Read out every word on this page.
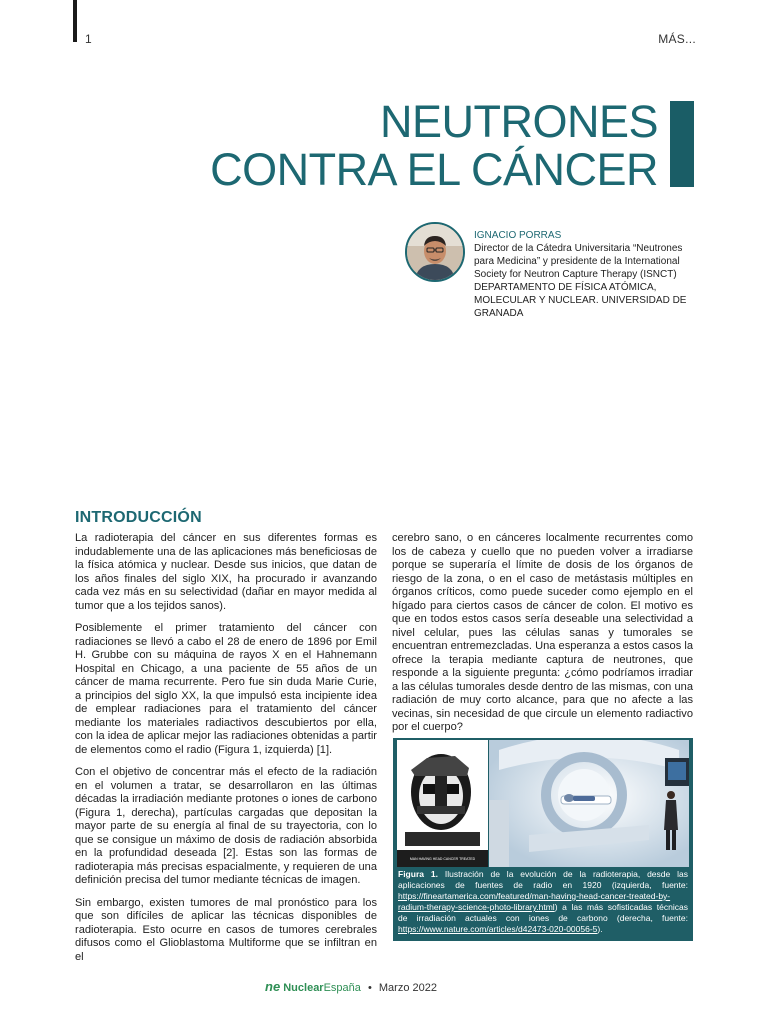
1	MÁS...
NEUTRONES
CONTRA EL CÁNCER
IGNACIO PORRAS
Director de la Cátedra Universitaria “Neutrones para Medicina” y presidente de la International Society for Neutron Capture Therapy (ISNCT)
DEPARTAMENTO DE FÍSICA ATÓMICA, MOLECULAR Y NUCLEAR. UNIVERSIDAD DE GRANADA
INTRODUCCIÓN

La radioterapia del cáncer en sus diferentes formas es indudablemente una de las aplicaciones más beneficiosas de la física atómica y nuclear. Desde sus inicios, que datan de los años finales del siglo XIX, ha procurado ir avanzando cada vez más en su selectividad (dañar en mayor medida al tumor que a los tejidos sanos).

Posiblemente el primer tratamiento del cáncer con radiaciones se llevó a cabo el 28 de enero de 1896 por Emil H. Grubbe con su máquina de rayos X en el Hahnemann Hospital en Chicago, a una paciente de 55 años de un cáncer de mama recurrente. Pero fue sin duda Marie Curie, a principios del siglo XX, la que impulsó esta incipiente idea de emplear radiaciones para el tratamiento del cáncer mediante los materiales radiactivos descubiertos por ella, con la idea de aplicar mejor las radiaciones obtenidas a partir de elementos como el radio (Figura 1, izquierda) [1].

Con el objetivo de concentrar más el efecto de la radiación en el volumen a tratar, se desarrollaron en las últimas décadas la irradiación mediante protones o iones de carbono (Figura 1, derecha), partículas cargadas que depositan la mayor parte de su energía al final de su trayectoria, con lo que se consigue un máximo de dosis de radiación absorbida en la profundidad deseada [2]. Estas son las formas de radioterapia más precisas espacialmente, y requieren de una definición precisa del tumor mediante técnicas de imagen.

Sin embargo, existen tumores de mal pronóstico para los que son difíciles de aplicar las técnicas disponibles de radioterapia. Esto ocurre en casos de tumores cerebrales difusos como el Glioblastoma Multiforme que se infiltran en el

cerebro sano, o en cánceres localmente recurrentes como los de cabeza y cuello que no pueden volver a irradiarse porque se superaría el límite de dosis de los órganos de riesgo de la zona, o en el caso de metástasis múltiples en órganos críticos, como puede suceder como ejemplo en el hígado para ciertos casos de cáncer de colon. El motivo es que en todos estos casos sería deseable una selectividad a nivel celular, pues las células sanas y tumorales se encuentran entremezcladas. Una esperanza a estos casos la ofrece la terapia mediante captura de neutrones, que responde a la siguiente pregunta: ¿cómo podríamos irradiar a las células tumorales desde dentro de las mismas, con una radiación de muy corto alcance, para que no afecte a las vecinas, sin necesidad de que circule un elemento radiactivo por el cuerpo?

MAN HAVING HEAD CANCER TREATED
Figura 1. Ilustración de la evolución de la radioterapia, desde las aplicaciones de fuentes de radio en 1920 (izquierda, fuente: https://fineartamerica.com/featured/man-having-head-cancer-treated-by-radium-therapy-science-photo-library.html) a las más sofisticadas técnicas de irradiación actuales con iones de carbono (derecha, fuente: https://www.nature.com/articles/d42473-020-00056-5).
ne NuclearEspaña • Marzo 2022
